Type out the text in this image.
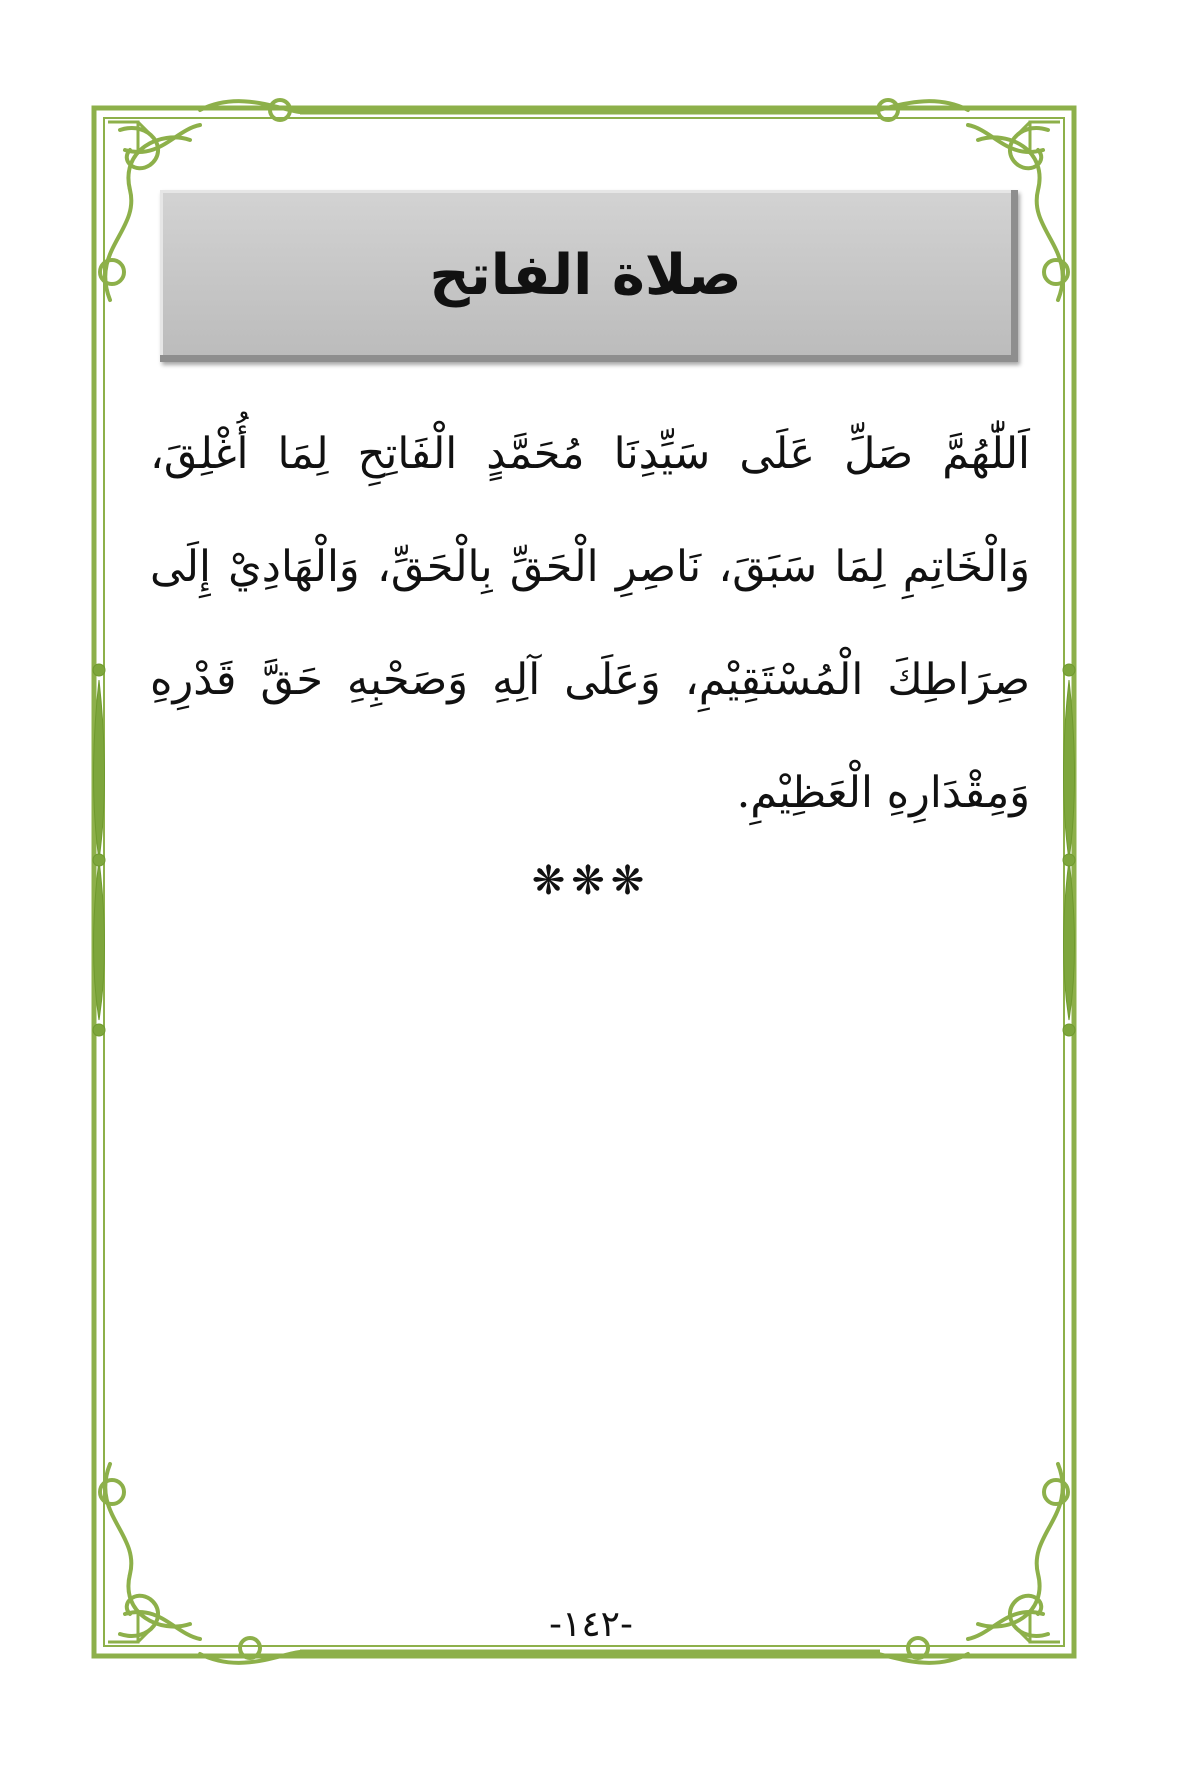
صلاة الفاتح
اَللّٰهُمَّ صَلِّ عَلَى سَيِّدِنَا مُحَمَّدٍ الْفَاتِحِ لِمَا أُغْلِقَ، وَالْخَاتِمِ لِمَا سَبَقَ، نَاصِرِ الْحَقِّ بِالْحَقِّ، وَالْهَادِيْ إِلَى صِرَاطِكَ الْمُسْتَقِيْمِ، وَعَلَى آلِهِ وَصَحْبِهِ حَقَّ قَدْرِهِ وَمِقْدَارِهِ الْعَظِيْمِ.
❋❋❋
-١٤٢-
